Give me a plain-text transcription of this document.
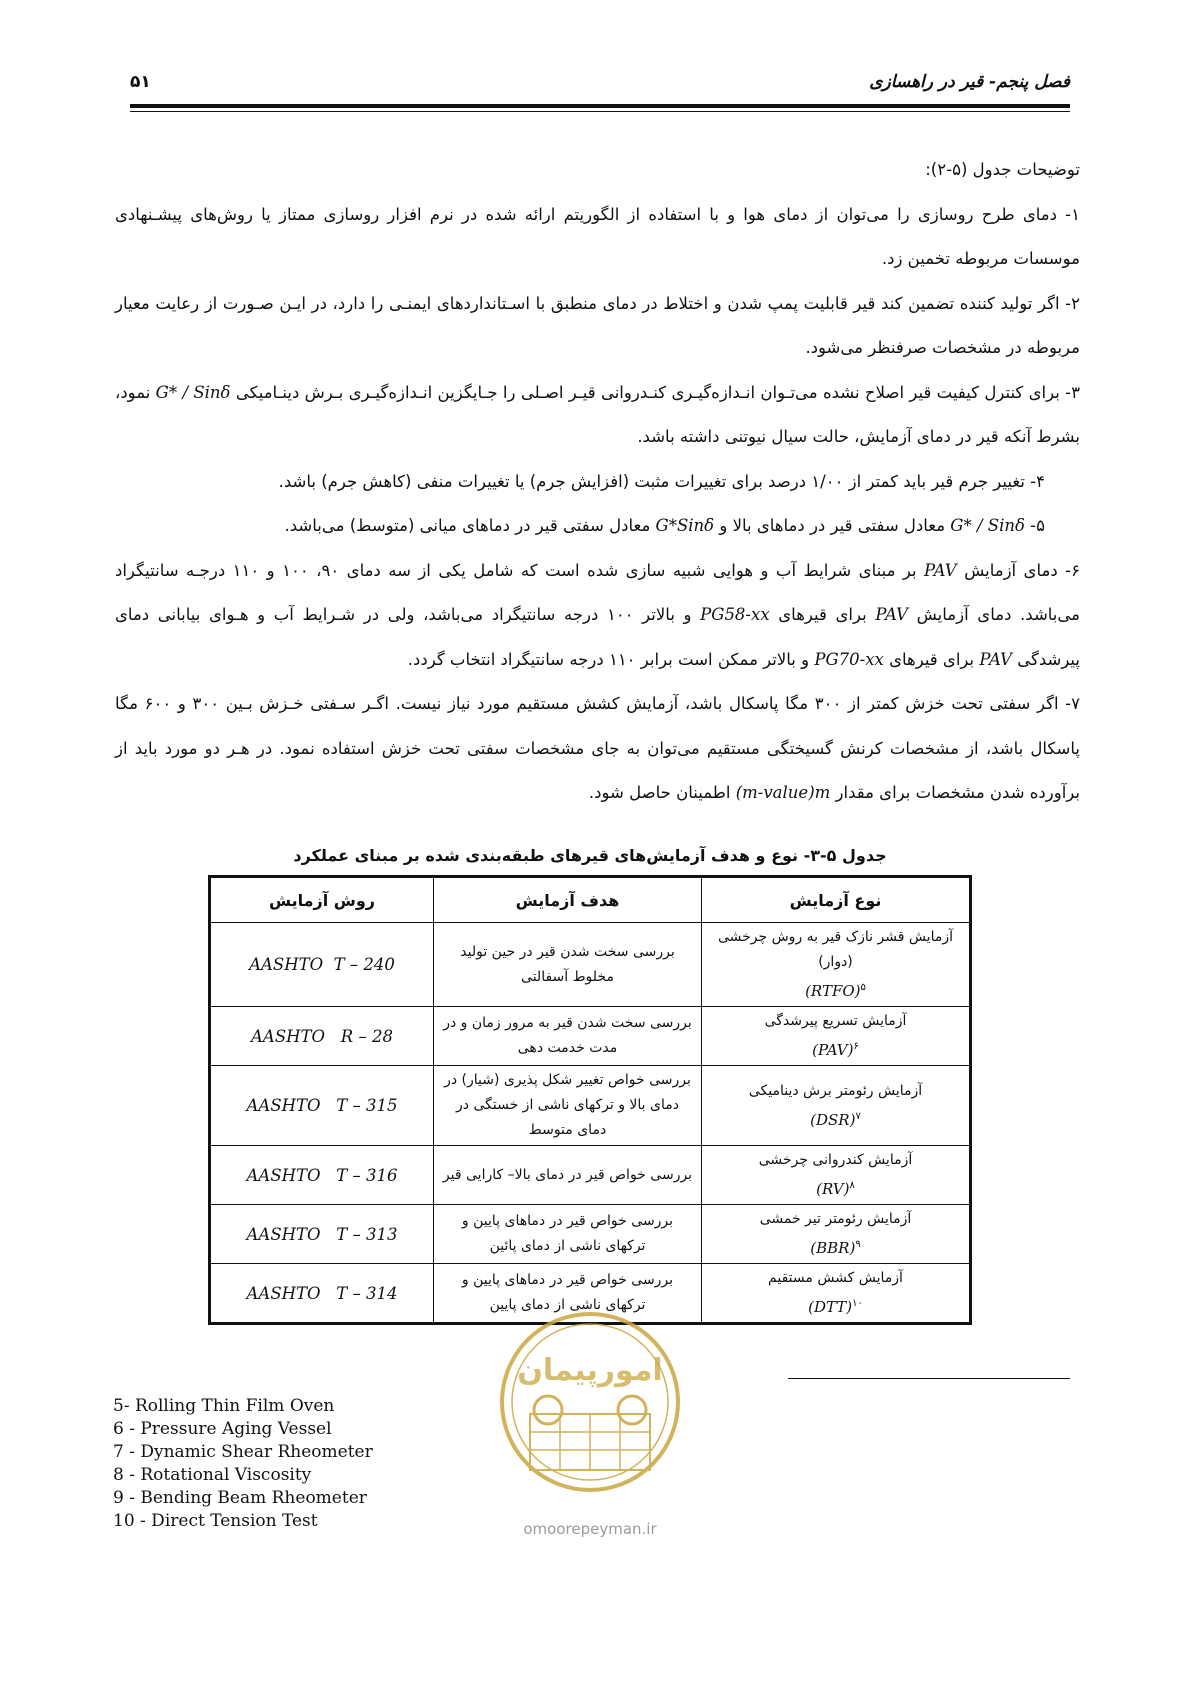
فصل پنجم- قیر در راهسازی
۵۱

توضیحات جدول (۵-۲):

۱- دمای طرح روسازی را می‌توان از دمای هوا و با استفاده از الگوریتم ارائه شده در نرم افزار روسازی ممتاز یا روش‌های پیشـنهادی موسسات مربوطه تخمین زد.

۲- اگر تولید کننده تضمین کند قیر قابلیت پمپ شدن و اختلاط در دمای منطبق با اسـتانداردهای ایمنـی را دارد، در ایـن صـورت از رعایت معیار مربوطه در مشخصات صرفنظر می‌شود.

۳- برای کنترل کیفیت قیر اصلاح نشده می‌تـوان انـدازه‌گیـری کنـدروانی قیـر اصـلی را جـایگزین انـدازه‌گیـری بـرش دینـامیکی G* / Sinδ نمود، بشرط آنکه قیر در دمای آزمایش، حالت سیال نیوتنی داشته باشد.

۴- تغییر جرم قیر باید کمتر از ۱/۰۰ درصد برای تغییرات مثبت (افزایش جرم) یا تغییرات منفی (کاهش جرم) باشد.

۵- G* / Sinδ معادل سفتی قیر در دماهای بالا و G*Sinδ معادل سفتی قیر در دماهای میانی (متوسط) می‌باشد.

۶- دمای آزمایش PAV بر مبنای شرایط آب و هوایی شبیه سازی شده است که شامل یکی از سه دمای ۹۰، ۱۰۰ و ۱۱۰ درجـه سانتیگراد می‌باشد. دمای آزمایش PAV برای قیرهای PG58-xx و بالاتر ۱۰۰ درجه سانتیگراد می‌باشد، ولی در شـرایط آب و هـوای بیابانی دمای پیرشدگی PAV برای قیرهای PG70-xx و بالاتر ممکن است برابر ۱۱۰ درجه سانتیگراد انتخاب گردد.

۷- اگر سفتی تحت خزش کمتر از ۳۰۰ مگا پاسکال باشد، آزمایش کشش مستقیم مورد نیاز نیست. اگـر سـفتی خـزش بـین ۳۰۰ و ۶۰۰ مگا پاسکال باشد، از مشخصات کرنش گسیختگی مستقیم می‌توان به جای مشخصات سفتی تحت خزش استفاده نمود. در هـر دو مورد باید از برآورده شدن مشخصات برای مقدار (m-value)m اطمینان حاصل شود.

جدول ۵-۳- نوع و هدف آزمایش‌های قیرهای طبقه‌بندی شده بر مبنای عملکرد
نوع آزمایش	هدف آزمایش	روش آزمایش
آزمایش قشر نازک قیر به روش چرخشی (دوار)
(RTFO)$^۵$	بررسی سخت شدن قیر در حین تولید مخلوط آسفالتی	AASHTO  T – 240
آزمایش تسریع پیرشدگی
(PAV)$^۶$	بررسی سخت شدن قیر به مرور زمان و در مدت خدمت دهی	AASHTO   R – 28
آزمایش رئومتر برش دینامیکی
(DSR)$^۷$	بررسی خواص تغییر شکل پذیری (شیار) در دمای بالا و ترکهای ناشی از خستگی در دمای متوسط	AASHTO   T – 315
آزمایش کندروانی چرخشی
(RV)$^۸$	بررسی خواص قیر در دمای بالا– کارایی قیر	AASHTO   T – 316
آزمایش رئومتر تیر خمشی
(BBR)$^۹$	بررسی خواص قیر در دماهای پایین و ترکهای ناشی از دمای پائین	AASHTO   T – 313
آزمایش کشش مستقیم
(DTT)$^{۱۰}$	بررسی خواص قیر در دماهای پایین و ترکهای ناشی از دمای پایین	AASHTO   T – 314
5- Rolling Thin Film Oven
6 - Pressure Aging Vessel
7 - Dynamic Shear Rheometer
8 - Rotational Viscosity
9 - Bending Beam Rheometer
10 - Direct Tension Test
امورپیمان
omoorepeyman.ir
